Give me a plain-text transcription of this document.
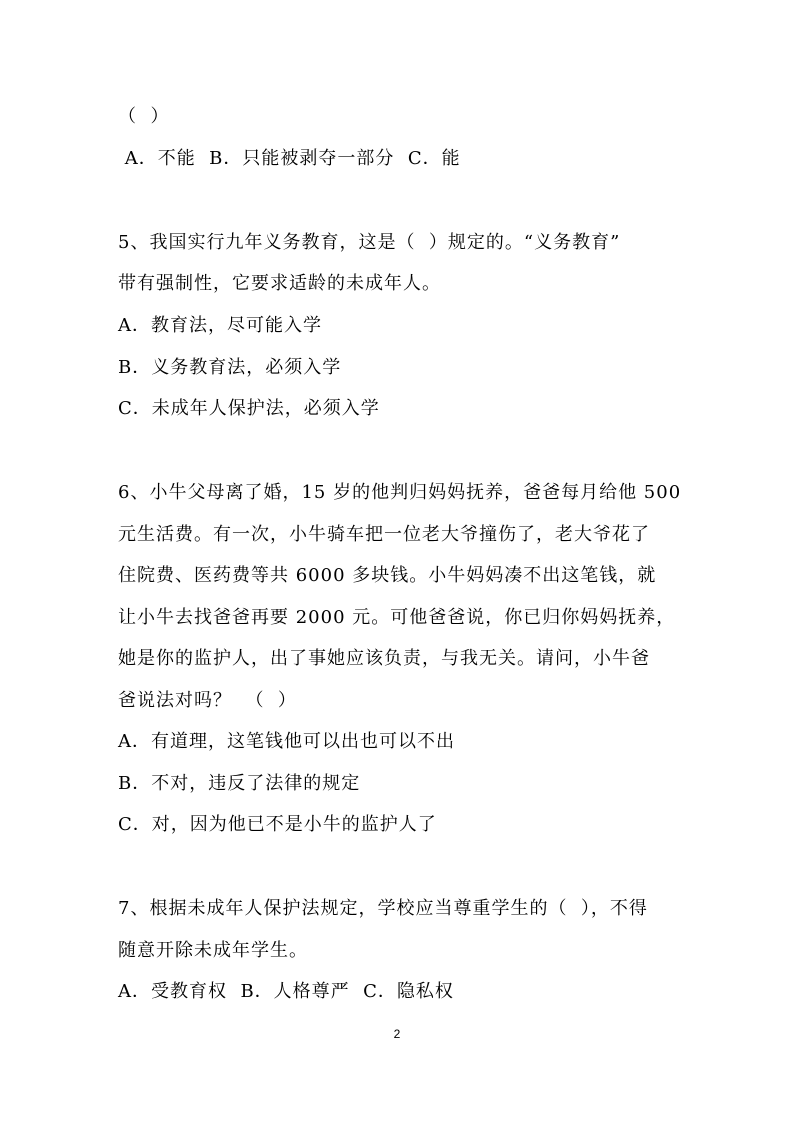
（  ）
A．不能  B．只能被剥夺一部分  C．能
5、我国实行九年义务教育，这是（  ）规定的。“义务教育”
带有强制性，它要求适龄的未成年人。
A．教育法，尽可能入学
B．义务教育法，必须入学
C．未成年人保护法，必须入学
6、小牛父母离了婚，15 岁的他判归妈妈抚养，爸爸每月给他 500
元生活费。有一次，小牛骑车把一位老大爷撞伤了，老大爷花了
住院费、医药费等共 6000 多块钱。小牛妈妈凑不出这笔钱，就
让小牛去找爸爸再要 2000 元。可他爸爸说，你已归你妈妈抚养，
她是你的监护人，出了事她应该负责，与我无关。请问，小牛爸
爸说法对吗？  （  ）
A．有道理，这笔钱他可以出也可以不出
B．不对，违反了法律的规定
C．对，因为他已不是小牛的监护人了
7、根据未成年人保护法规定，学校应当尊重学生的（  ），不得
随意开除未成年学生。
A．受教育权  B．人格尊严  C．隐私权
2
